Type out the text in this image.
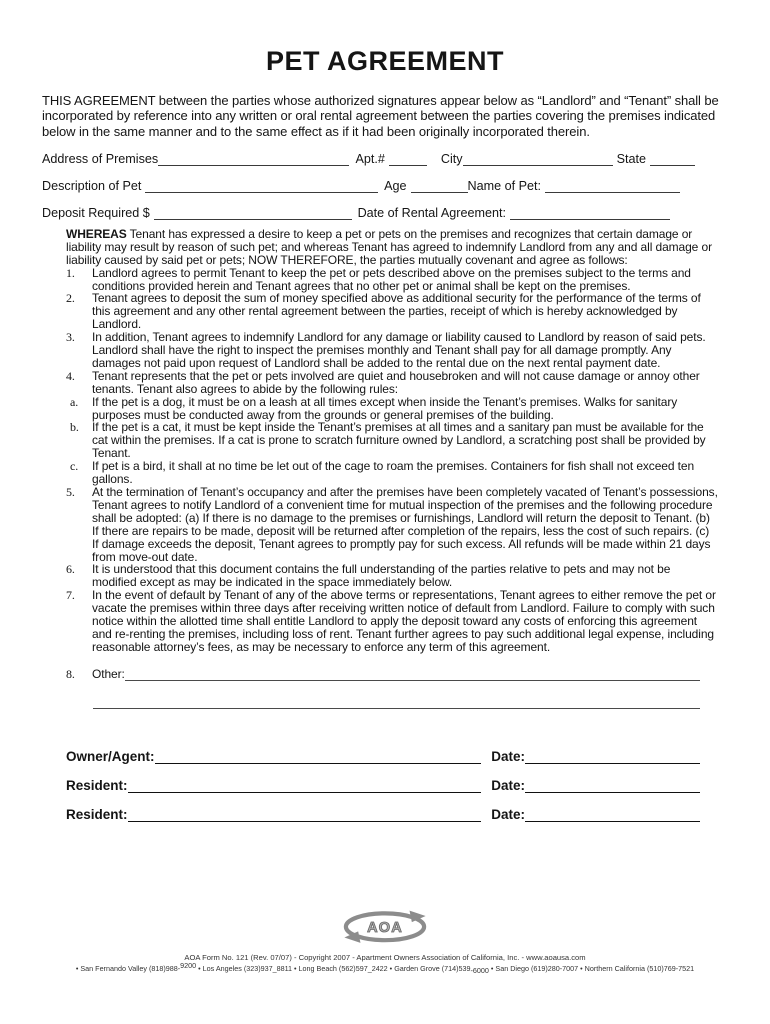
PET AGREEMENT

THIS AGREEMENT between the parties whose authorized signatures appear below as “Landlord” and “Tenant” shall be incorporated by reference into any written or oral rental agreement between the parties covering the premises indicated below in the same manner and to the same effect as if it had been originally incorporated therein.

Address of Premises	Apt.#	City	State
Description of Pet	Age	Name of Pet:
Deposit Required $	Date of Rental Agreement:

WHEREAS Tenant has expressed a desire to keep a pet or pets on the premises and recognizes that certain damage or liability may result by reason of such pet; and whereas Tenant has agreed to indemnify Landlord from any and all damage or liability caused by said pet or pets; NOW THEREFORE, the parties mutually covenant and agree as follows:

1.	Landlord agrees to permit Tenant to keep the pet or pets described above on the premises subject to the terms and conditions provided herein and Tenant agrees that no other pet or animal shall be kept on the premises.
2.	Tenant agrees to deposit the sum of money specified above as additional security for the performance of the terms of this agreement and any other rental agreement between the parties, receipt of which is hereby acknowledged by Landlord.
3.	In addition, Tenant agrees to indemnify Landlord for any damage or liability caused to Landlord by reason of said pets. Landlord shall have the right to inspect the premises monthly and Tenant shall pay for all damage promptly. Any damages not paid upon request of Landlord shall be added to the rental due on the next rental payment date.
4.	Tenant represents that the pet or pets involved are quiet and housebroken and will not cause damage or annoy other tenants. Tenant also agrees to abide by the following rules:
a.	If the pet is a dog, it must be on a leash at all times except when inside the Tenant’s premises. Walks for sanitary purposes must be conducted away from the grounds or general premises of the building.
b.	If the pet is a cat, it must be kept inside the Tenant’s premises at all times and a sanitary pan must be available for the cat within the premises. If a cat is prone to scratch furniture owned by Landlord, a scratching post shall be provided by Tenant.
c.	If pet is a bird, it shall at no time be let out of the cage to roam the premises. Containers for fish shall not exceed ten gallons.
5.	At the termination of Tenant’s occupancy and after the premises have been completely vacated of Tenant’s possessions, Tenant agrees to notify Landlord of a convenient time for mutual inspection of the premises and the following procedure shall be adopted: (a) If there is no damage to the premises or furnishings, Landlord will return the deposit to Tenant. (b) If there are repairs to be made, deposit will be returned after completion of the repairs, less the cost of such repairs. (c) If damage exceeds the deposit, Tenant agrees to promptly pay for such excess. All refunds will be made within 21 days from move-out date.
6.	It is understood that this document contains the full understanding of the parties relative to pets and may not be modified except as may be indicated in the space immediately below.
7.	In the event of default by Tenant of any of the above terms or representations, Tenant agrees to either remove the pet or vacate the premises within three days after receiving written notice of default from Landlord. Failure to comply with such notice within the allotted time shall entitle Landlord to apply the deposit toward any costs of enforcing this agreement and re-renting the premises, including loss of rent. Tenant further agrees to pay such additional legal expense, including reasonable attorney’s fees, as may be necessary to enforce any term of this agreement.
8.	Other:
Owner/Agent:	Date:
Resident:	Date:
Resident:	Date:
AOA
AOA Form No. 121 (Rev. 07/07) - Copyright 2007 - Apartment Owners Association of California, Inc. - www.aoausa.com
• San Fernando Valley (818)988-9200 • Los Angeles (323)937_8811 • Long Beach (562)597_2422 • Garden Grove (714)539-6000 • San Diego (619)280-7007 • Northern California (510)769-7521
